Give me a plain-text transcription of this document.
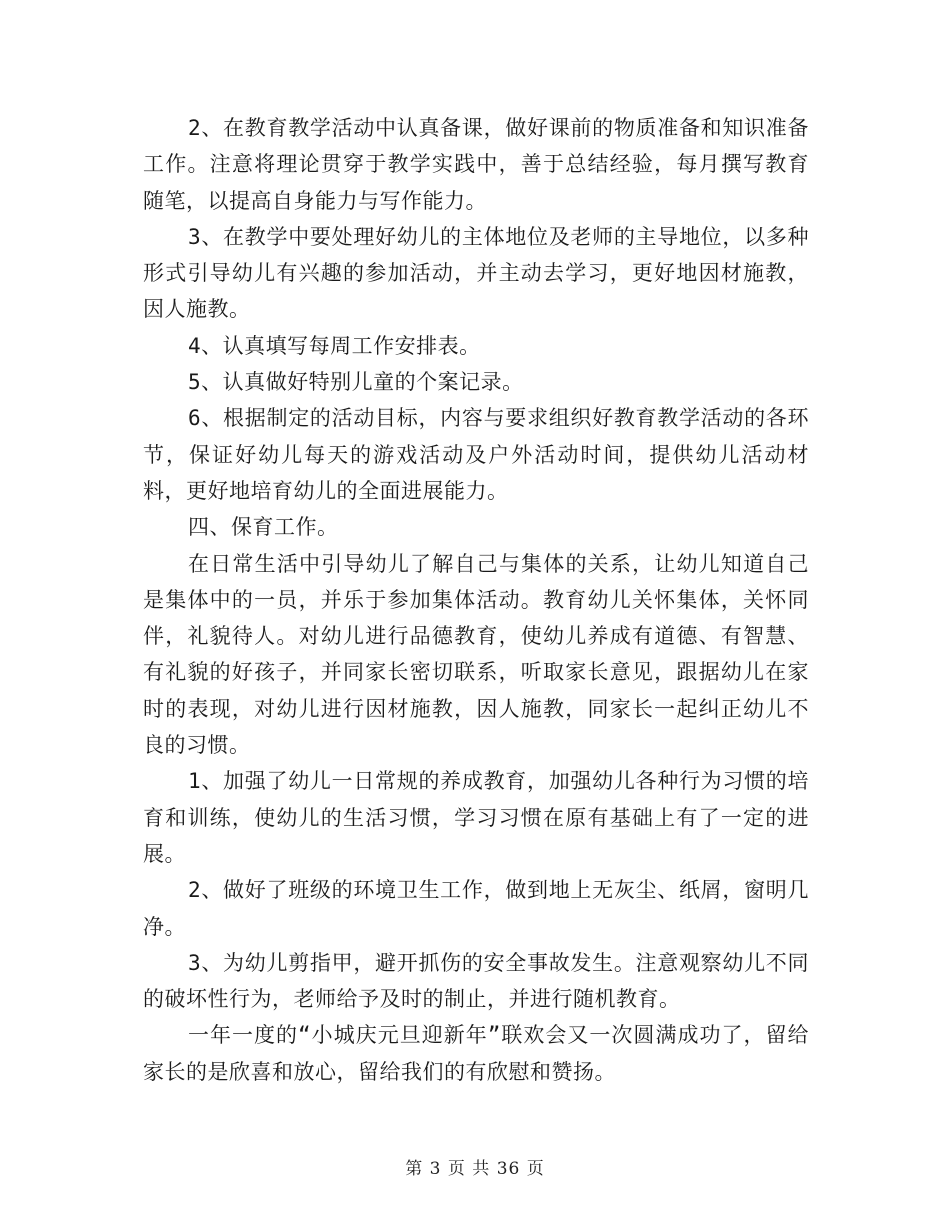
2、在教育教学活动中认真备课，做好课前的物质准备和知识准备工作。注意将理论贯穿于教学实践中，善于总结经验，每月撰写教育随笔，以提高自身能力与写作能力。

3、在教学中要处理好幼儿的主体地位及老师的主导地位，以多种形式引导幼儿有兴趣的参加活动，并主动去学习，更好地因材施教，因人施教。

4、认真填写每周工作安排表。

5、认真做好特别儿童的个案记录。

6、根据制定的活动目标，内容与要求组织好教育教学活动的各环节，保证好幼儿每天的游戏活动及户外活动时间，提供幼儿活动材料，更好地培育幼儿的全面进展能力。

四、保育工作。

在日常生活中引导幼儿了解自己与集体的关系，让幼儿知道自己是集体中的一员，并乐于参加集体活动。教育幼儿关怀集体，关怀同伴，礼貌待人。对幼儿进行品德教育，使幼儿养成有道德、有智慧、有礼貌的好孩子，并同家长密切联系，听取家长意见，跟据幼儿在家时的表现，对幼儿进行因材施教，因人施教，同家长一起纠正幼儿不良的习惯。

1、加强了幼儿一日常规的养成教育，加强幼儿各种行为习惯的培育和训练，使幼儿的生活习惯，学习习惯在原有基础上有了一定的进展。

2、做好了班级的环境卫生工作，做到地上无灰尘、纸屑，窗明几净。

3、为幼儿剪指甲，避开抓伤的安全事故发生。注意观察幼儿不同的破坏性行为，老师给予及时的制止，并进行随机教育。

一年一度的“小城庆元旦迎新年”联欢会又一次圆满成功了，留给家长的是欣喜和放心，留给我们的有欣慰和赞扬。

第 3 页 共 36 页
